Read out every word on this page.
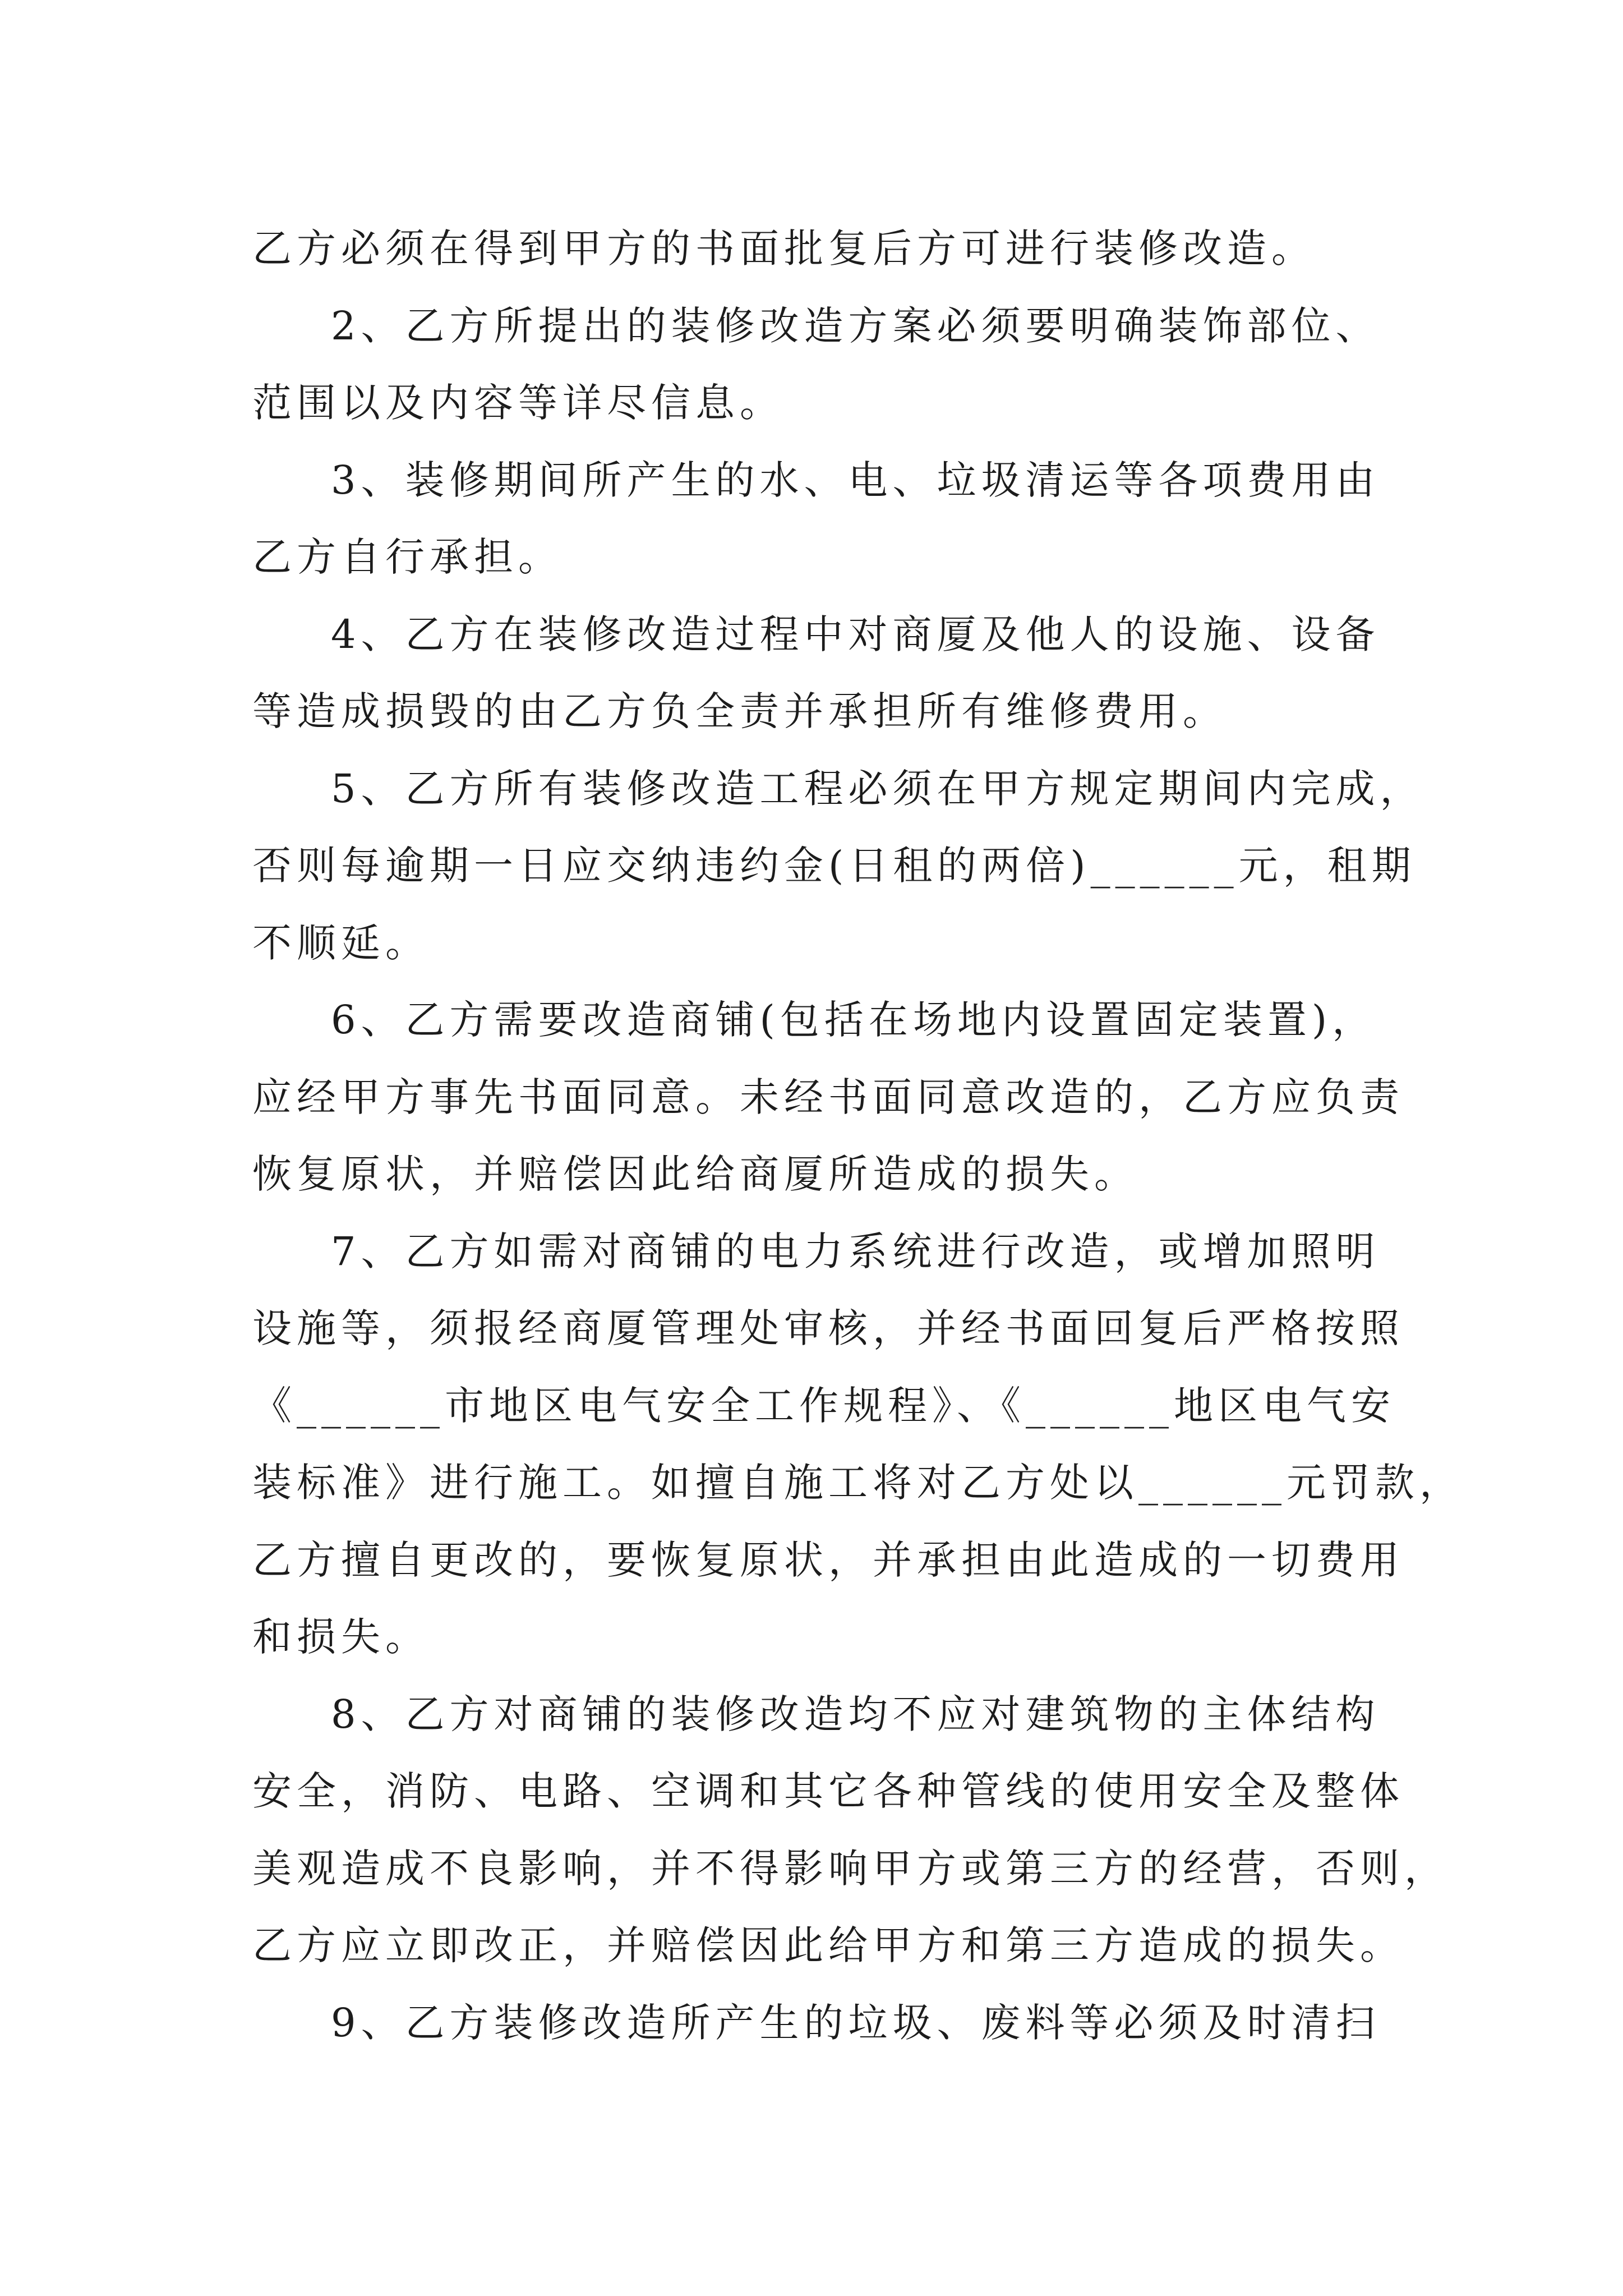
乙方必须在得到甲方的书面批复后方可进行装修改造。
2、乙方所提出的装修改造方案必须要明确装饰部位、
范围以及内容等详尽信息。
3、装修期间所产生的水、电、垃圾清运等各项费用由
乙方自行承担。
4、乙方在装修改造过程中对商厦及他人的设施、设备
等造成损毁的由乙方负全责并承担所有维修费用。
5、乙方所有装修改造工程必须在甲方规定期间内完成，
否则每逾期一日应交纳违约金(日租的两倍)______元，租期
不顺延。
6、乙方需要改造商铺(包括在场地内设置固定装置)，
应经甲方事先书面同意。未经书面同意改造的，乙方应负责
恢复原状，并赔偿因此给商厦所造成的损失。
7、乙方如需对商铺的电力系统进行改造，或增加照明
设施等，须报经商厦管理处审核，并经书面回复后严格按照
《______市地区电气安全工作规程》、《______地区电气安
装标准》进行施工。如擅自施工将对乙方处以______元罚款，
乙方擅自更改的，要恢复原状，并承担由此造成的一切费用
和损失。
8、乙方对商铺的装修改造均不应对建筑物的主体结构
安全，消防、电路、空调和其它各种管线的使用安全及整体
美观造成不良影响，并不得影响甲方或第三方的经营，否则，
乙方应立即改正，并赔偿因此给甲方和第三方造成的损失。
9、乙方装修改造所产生的垃圾、废料等必须及时清扫
